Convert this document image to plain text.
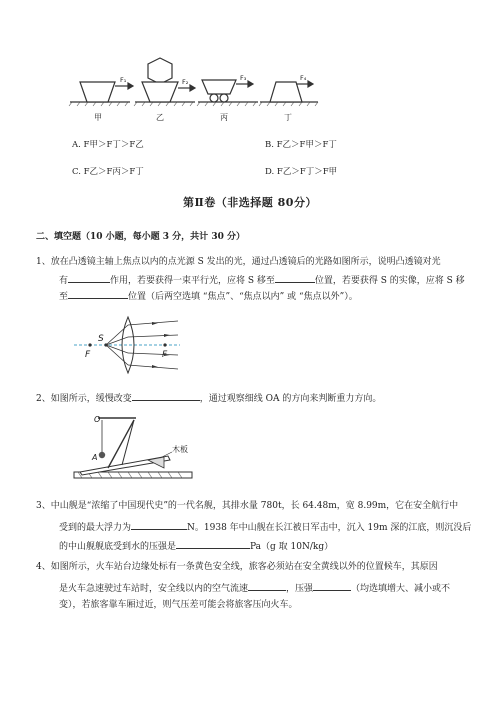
F₁	F₂	F₃	F₄
甲	乙	丙	丁
A. F甲＞F丁＞F乙	B. F乙＞F甲＞F丁
C. F乙＞F丙＞F丁	D. F乙＞F丁＞F甲
第Ⅱ卷（非选择题 80分）
二、填空题（10 小题，每小题 3 分，共计 30 分）
1、放在凸透镜主轴上焦点以内的点光源 S 发出的光，通过凸透镜后的光路如图所示，说明凸透镜对光
有	作用，若要获得一束平行光，应将 S 移至	位置，若要获得 S 的实像，应将 S 移
至	位置（后两空选填 “焦点”、“焦点以内” 或 “焦点以外”）。
S
F	F
2、如图所示，缓慢改变	，通过观察细线 OA 的方向来判断重力方向。
O
A
木板
3、中山舰是“浓缩了中国现代史”的一代名舰，其排水量 780t，长 64.48m，宽 8.99m，它在安全航行中
受到的最大浮力为	N。1938 年中山舰在长江被日军击中，沉入 19m 深的江底，则沉没后
的中山舰舰底受到水的压强是	Pa（g 取 10N/kg）
4、如图所示，火车站台边缘处标有一条黄色安全线，旅客必须站在安全黄线以外的位置候车，其原因
是火车急速驶过车站时，安全线以内的空气流速	，压强	（均选填增大、减小或不
变），若旅客靠车厢过近，则气压差可能会将旅客压向火车。
